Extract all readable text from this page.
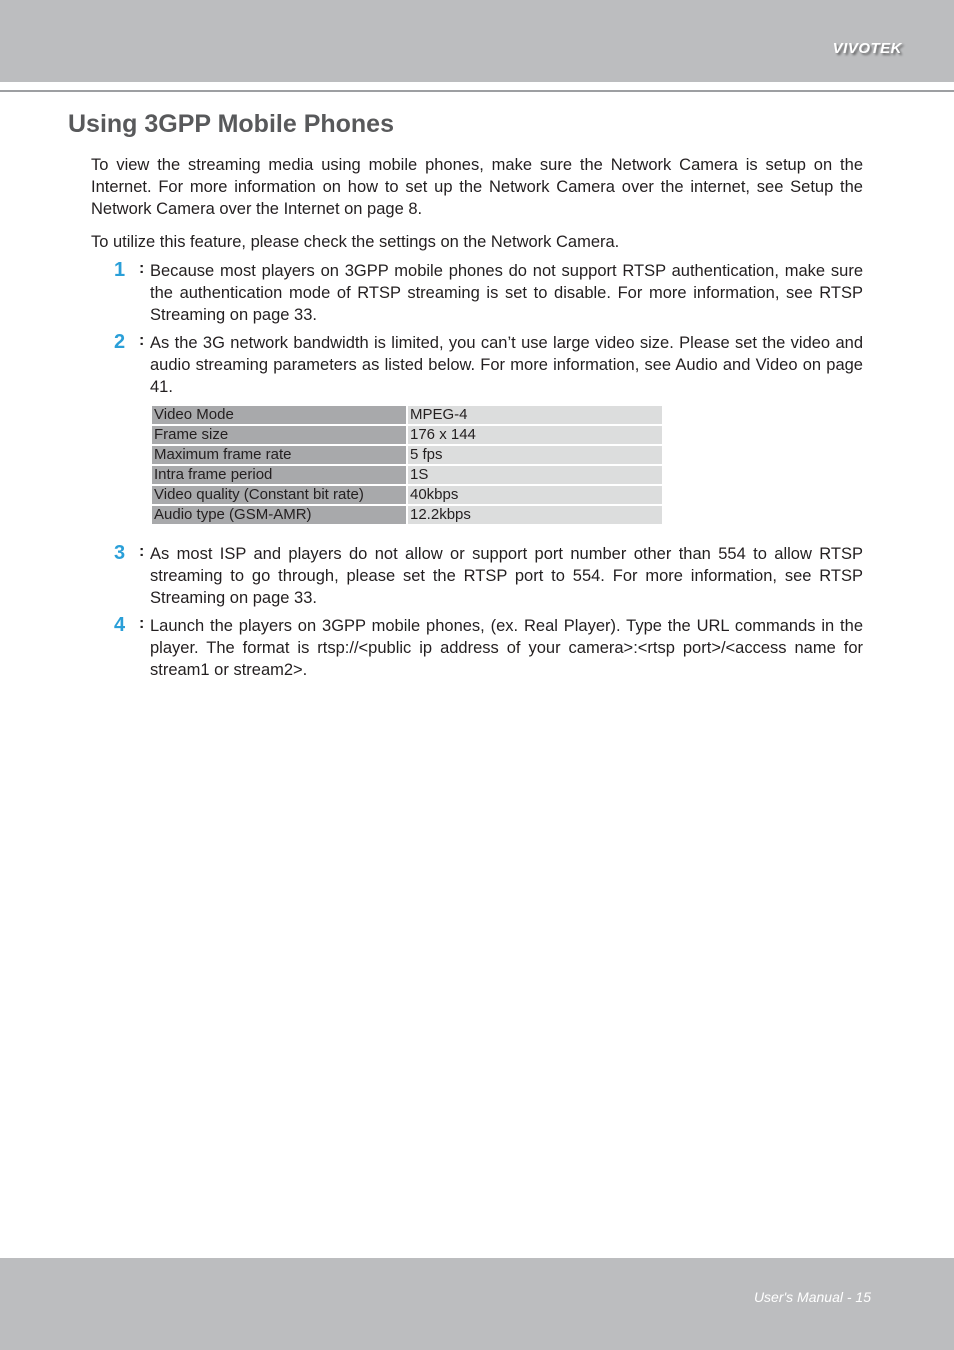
VIVOTEK
Using 3GPP Mobile Phones

To view the streaming media using mobile phones, make sure the Network Camera is setup on the Internet. For more information on how to set up the Network Camera over the internet, see Setup the Network Camera over the Internet on page 8.

To utilize this feature, please check the settings on the Network Camera.

1 : Because most players on 3GPP mobile phones do not support RTSP authentication, make sure the authentication mode of RTSP streaming is set to disable. For more information, see RTSP Streaming on page 33.

2 : As the 3G network bandwidth is limited, you can’t use large video size. Please set the video and audio streaming parameters as listed below. For more information, see Audio and Video on page 41.

Video Mode	MPEG-4
Frame size	176 x 144
Maximum frame rate	5 fps
Intra frame period	1S
Video quality (Constant bit rate)	40kbps
Audio type (GSM-AMR)	12.2kbps
3 : As most ISP and players do not allow or support port number other than 554 to allow RTSP streaming to go through, please set the RTSP port to 554. For more information, see RTSP Streaming on page 33.

4 : Launch the players on 3GPP mobile phones, (ex. Real Player). Type the URL commands in the player. The format is rtsp://<public ip address of your camera>:<rtsp port>/<access name for stream1 or stream2>.

User's Manual - 15
